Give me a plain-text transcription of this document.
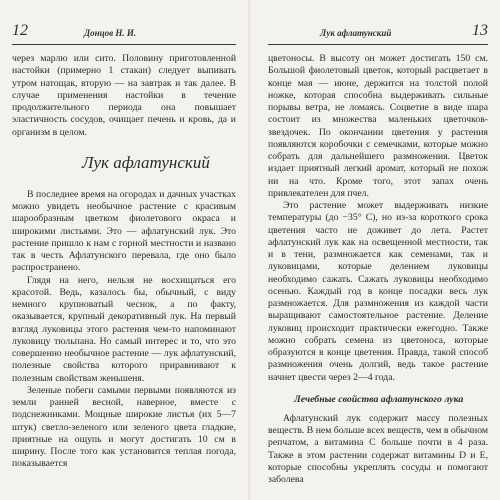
12	Донцов Н. И.

через марлю или сито. Половину приготовленной настойки (примерно 1 стакан) следует выпивать утром натощак, вторую — на завтрак и так далее. В случае применения настойки в течение продолжительного периода она повышает эластичность сосудов, очищает печень и кровь, да и организм в целом.

Лук афлатунский

В последнее время на огородах и дачных участках можно увидеть необычное растение с красивым шарообразным цветком фиолетового окраса и широкими листьями. Это — афлатунский лук. Это растение пришло к нам с горной местности и названо так в честь Афлатунского перевала, где оно было распространено.

Глядя на него, нельзя не восхищаться его красотой. Ведь, казалось бы, обычный, с виду немного крупноватый чеснок, а по факту, оказывается, крупный декоративный лук. На первый взгляд луковицы этого растения чем-то напоминают луковицу тюльпана. Но самый интерес и то, что это совершенно необычное растение — лук афлатунский, полезные свойства которого приравнивают к полезным свойствам женьшеня.

Зеленые побеги самыми первыми появляются из земли ранней весной, наверное, вместе с подснежниками. Мощные широкие листья (их 5—7 штук) светло-зеленого или зеленого цвета гладкие, приятные на ощупь и могут достигать 10 см в ширину. После того как установится теплая погода, показывается

Лук афлатунский	13

цветоносы. В высоту он может достигать 150 см. Большой фиолетовый цветок, который расцветает в конце мая — июне, держится на толстой полой ножке, которая способна выдерживать сильные порывы ветра, не ломаясь. Соцветие в виде шара состоит из множества маленьких цветочков-звездочек. По окончании цветения у растения появляются коробочки с семечками, которые можно собрать для дальнейшего размножения. Цветок издает приятный легкий аромат, который не похож ни на что. Кроме того, этот запах очень привлекателен для пчел.

Это растение может выдерживать низкие температуры (до −35° С), но из-за короткого срока цветения часто не доживет до лета. Растет афлатунский лук как на освещенной местности, так и в тени, размножается как семенами, так и луковицами, которые делением луковицы необходимо сажать. Сажать луковицы необходимо осенью. Каждый год в конце посадки весь лук размножается. Для размножения из каждой части выращивают самостоятельное растение. Деление луковиц происходит практически ежегодно. Также можно собрать семена из цветоноса, которые образуются в конце цветения. Правда, такой способ размножения очень долгий, ведь такое растение начнет цвести через 2—4 года.

Лечебные свойства афлатунского лука

Афлатунский лук содержит массу полезных веществ. В нем больше всех веществ, чем в обычном репчатом, а витамина С больше почти в 4 раза. Также в этом растении содержат витамины D и E, которые способны укреплять сосуды и помогают заболева
